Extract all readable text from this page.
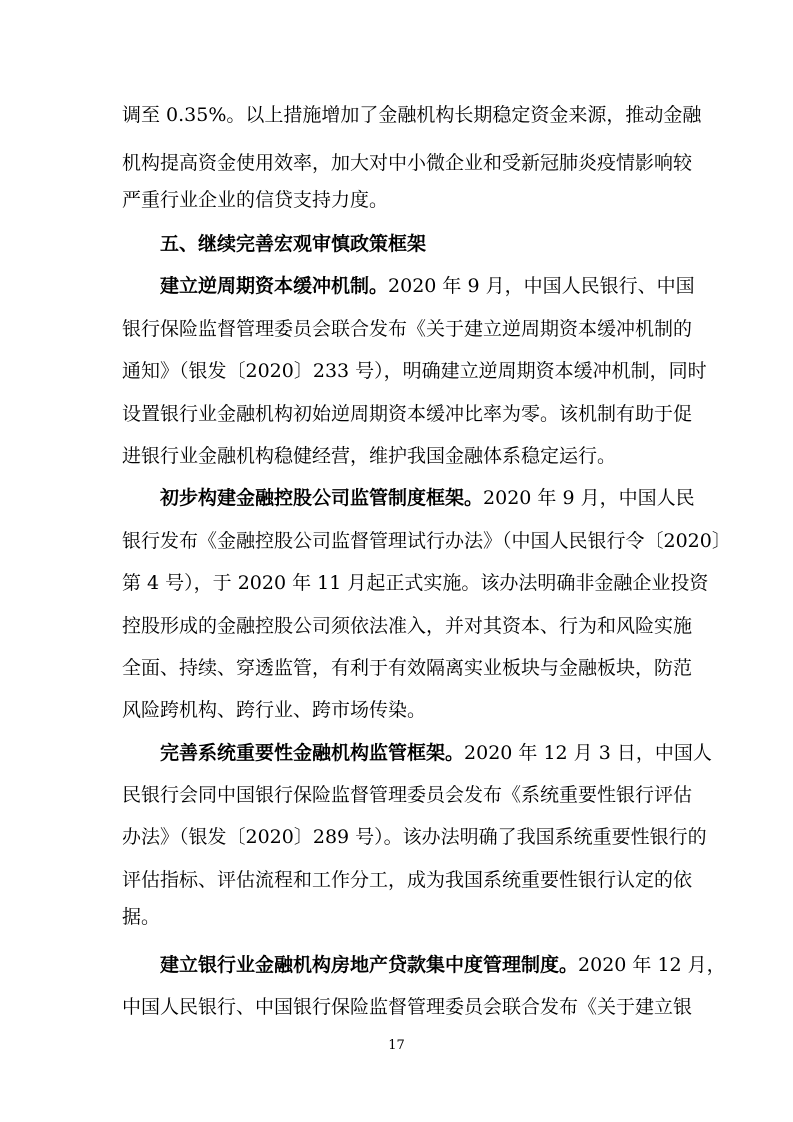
调至 0.35%。以上措施增加了金融机构长期稳定资金来源，推动金融
机构提高资金使用效率，加大对中小微企业和受新冠肺炎疫情影响较
严重行业企业的信贷支持力度。
五、继续完善宏观审慎政策框架
建立逆周期资本缓冲机制。2020 年 9 月，中国人民银行、中国
银行保险监督管理委员会联合发布《关于建立逆周期资本缓冲机制的
通知》（银发〔2020〕233 号），明确建立逆周期资本缓冲机制，同时
设置银行业金融机构初始逆周期资本缓冲比率为零。该机制有助于促
进银行业金融机构稳健经营，维护我国金融体系稳定运行。
初步构建金融控股公司监管制度框架。2020 年 9 月，中国人民
银行发布《金融控股公司监督管理试行办法》（中国人民银行令〔2020〕
第 4 号），于 2020 年 11 月起正式实施。该办法明确非金融企业投资
控股形成的金融控股公司须依法准入，并对其资本、行为和风险实施
全面、持续、穿透监管，有利于有效隔离实业板块与金融板块，防范
风险跨机构、跨行业、跨市场传染。
完善系统重要性金融机构监管框架。2020 年 12 月 3 日，中国人
民银行会同中国银行保险监督管理委员会发布《系统重要性银行评估
办法》（银发〔2020〕289 号）。该办法明确了我国系统重要性银行的
评估指标、评估流程和工作分工，成为我国系统重要性银行认定的依
据。
建立银行业金融机构房地产贷款集中度管理制度。2020 年 12 月，
中国人民银行、中国银行保险监督管理委员会联合发布《关于建立银
17
